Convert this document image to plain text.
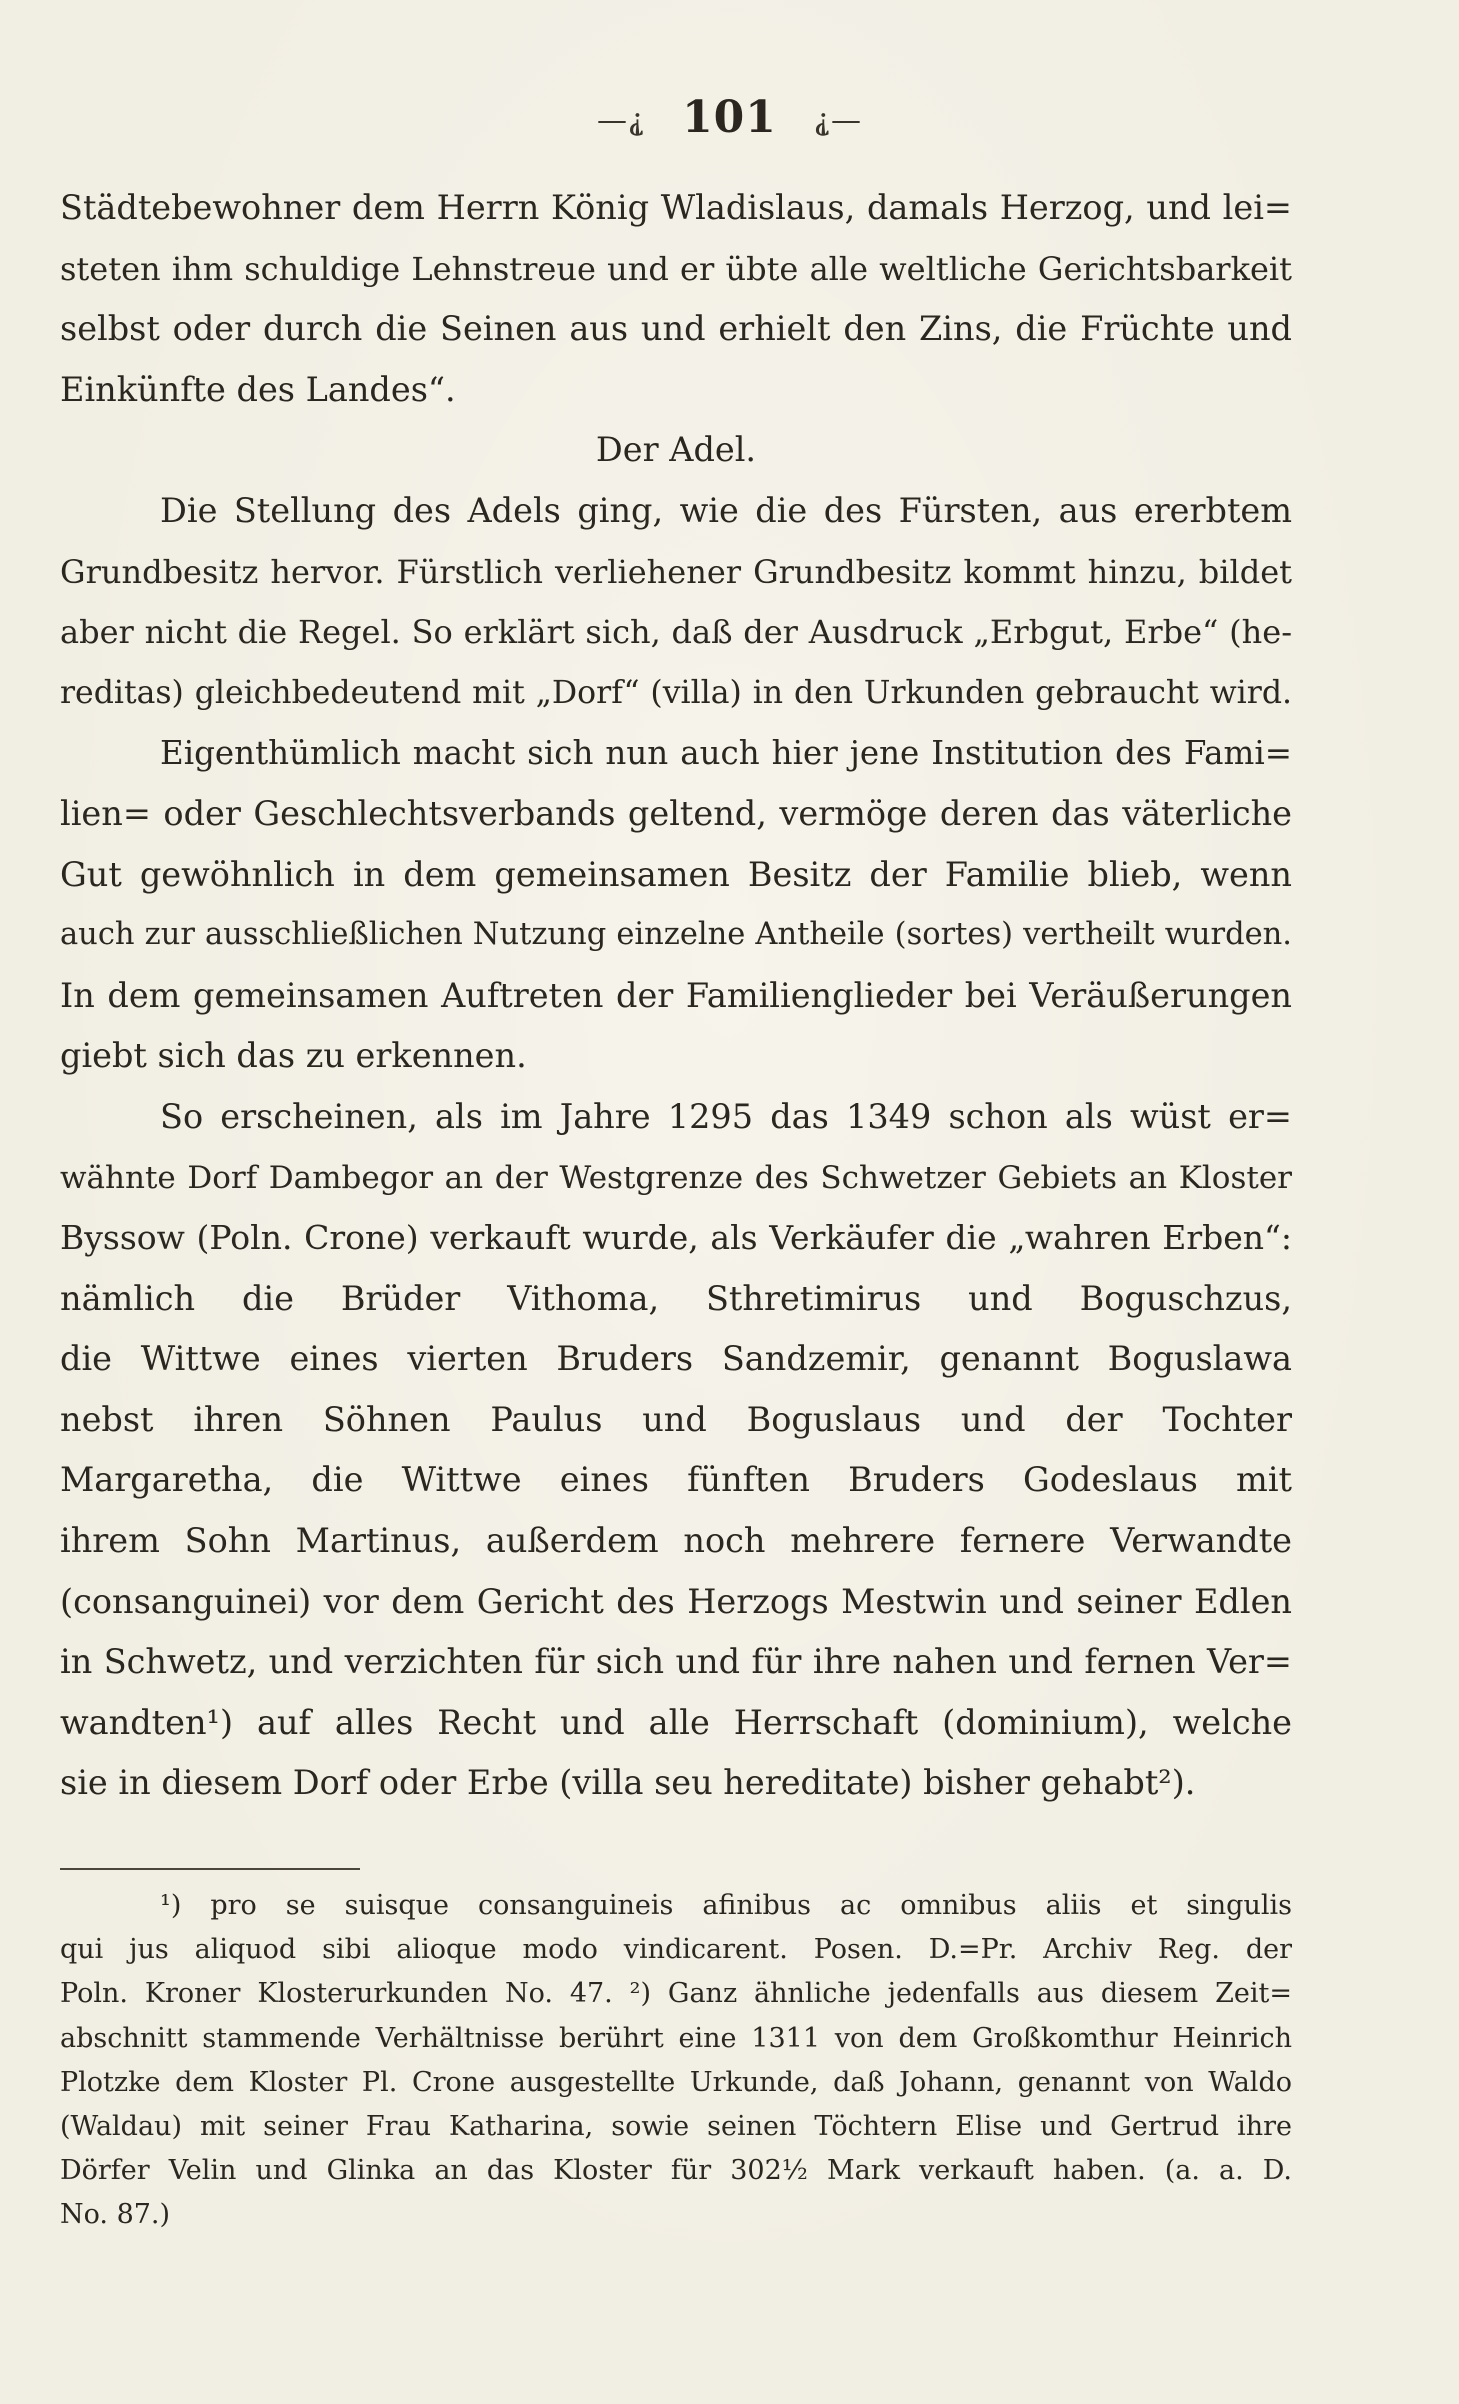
—⸘ 101 ⸘—
Städtebewohner dem Herrn König Wladislaus, damals Herzog, und lei=
steten ihm schuldige Lehnstreue und er übte alle weltliche Gerichtsbarkeit
selbst oder durch die Seinen aus und erhielt den Zins, die Früchte und
Einkünfte des Landes“.
Der Adel.
Die Stellung des Adels ging, wie die des Fürsten, aus ererbtem
Grundbesitz hervor. Fürstlich verliehener Grundbesitz kommt hinzu, bildet
aber nicht die Regel. So erklärt sich, daß der Ausdruck „Erbgut, Erbe“ (he-
reditas) gleichbedeutend mit „Dorf“ (villa) in den Urkunden gebraucht wird.
Eigenthümlich macht sich nun auch hier jene Institution des Fami=
lien= oder Geschlechtsverbands geltend, vermöge deren das väterliche
Gut gewöhnlich in dem gemeinsamen Besitz der Familie blieb, wenn
auch zur ausschließlichen Nutzung einzelne Antheile (sortes) vertheilt wurden.
In dem gemeinsamen Auftreten der Familienglieder bei Veräußerungen
giebt sich das zu erkennen.
So erscheinen, als im Jahre 1295 das 1349 schon als wüst er=
wähnte Dorf Dambegor an der Westgrenze des Schwetzer Gebiets an Kloster
Byssow (Poln. Crone) verkauft wurde, als Verkäufer die „wahren Erben“:
nämlich die Brüder Vithoma, Sthretimirus und Boguschzus,
die Wittwe eines vierten Bruders Sandzemir, genannt Boguslawa
nebst ihren Söhnen Paulus und Boguslaus und der Tochter
Margaretha, die Wittwe eines fünften Bruders Godeslaus mit
ihrem Sohn Martinus, außerdem noch mehrere fernere Verwandte
(consanguinei) vor dem Gericht des Herzogs Mestwin und seiner Edlen
in Schwetz, und verzichten für sich und für ihre nahen und fernen Ver=
wandten¹) auf alles Recht und alle Herrschaft (dominium), welche
sie in diesem Dorf oder Erbe (villa seu hereditate) bisher gehabt²).
¹) pro se suisque consanguineis afinibus ac omnibus aliis et singulis
qui jus aliquod sibi alioque modo vindicarent. Posen. D.=Pr. Archiv Reg. der
Poln. Kroner Klosterurkunden No. 47. ²) Ganz ähnliche jedenfalls aus diesem Zeit=
abschnitt stammende Verhältnisse berührt eine 1311 von dem Großkomthur Heinrich
Plotzke dem Kloster Pl. Crone ausgestellte Urkunde, daß Johann, genannt von Waldo
(Waldau) mit seiner Frau Katharina, sowie seinen Töchtern Elise und Gertrud ihre
Dörfer Velin und Glinka an das Kloster für 302½ Mark verkauft haben. (a. a. D.
No. 87.)
